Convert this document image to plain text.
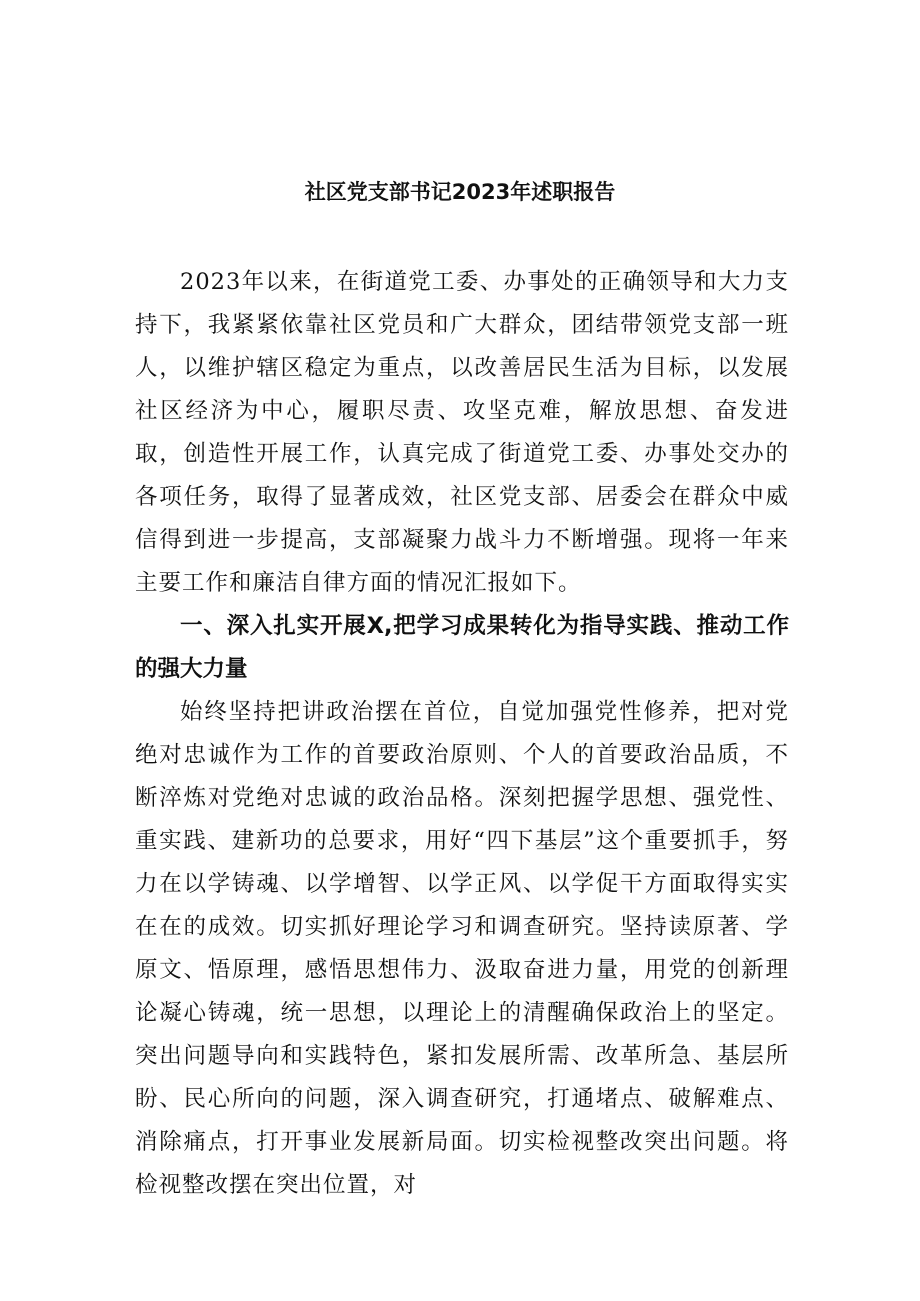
社区党支部书记2023年述职报告

2023年以来，在街道党工委、办事处的正确领导和大力支持下，我紧紧依靠社区党员和广大群众，团结带领党支部一班人，以维护辖区稳定为重点，以改善居民生活为目标，以发展社区经济为中心，履职尽责、攻坚克难，解放思想、奋发进取，创造性开展工作，认真完成了街道党工委、办事处交办的各项任务，取得了显著成效，社区党支部、居委会在群众中威信得到进一步提高，支部凝聚力战斗力不断增强。现将一年来主要工作和廉洁自律方面的情况汇报如下。

一、深入扎实开展X,把学习成果转化为指导实践、推动工作的强大力量

始终坚持把讲政治摆在首位，自觉加强党性修养，把对党绝对忠诚作为工作的首要政治原则、个人的首要政治品质，不断淬炼对党绝对忠诚的政治品格。深刻把握学思想、强党性、重实践、建新功的总要求，用好“四下基层”这个重要抓手，努力在以学铸魂、以学增智、以学正风、以学促干方面取得实实在在的成效。切实抓好理论学习和调查研究。坚持读原著、学原文、悟原理，感悟思想伟力、汲取奋进力量，用党的创新理论凝心铸魂，统一思想，以理论上的清醒确保政治上的坚定。突出问题导向和实践特色，紧扣发展所需、改革所急、基层所盼、民心所向的问题，深入调查研究，打通堵点、破解难点、消除痛点，打开事业发展新局面。切实检视整改突出问题。将检视整改摆在突出位置，对
